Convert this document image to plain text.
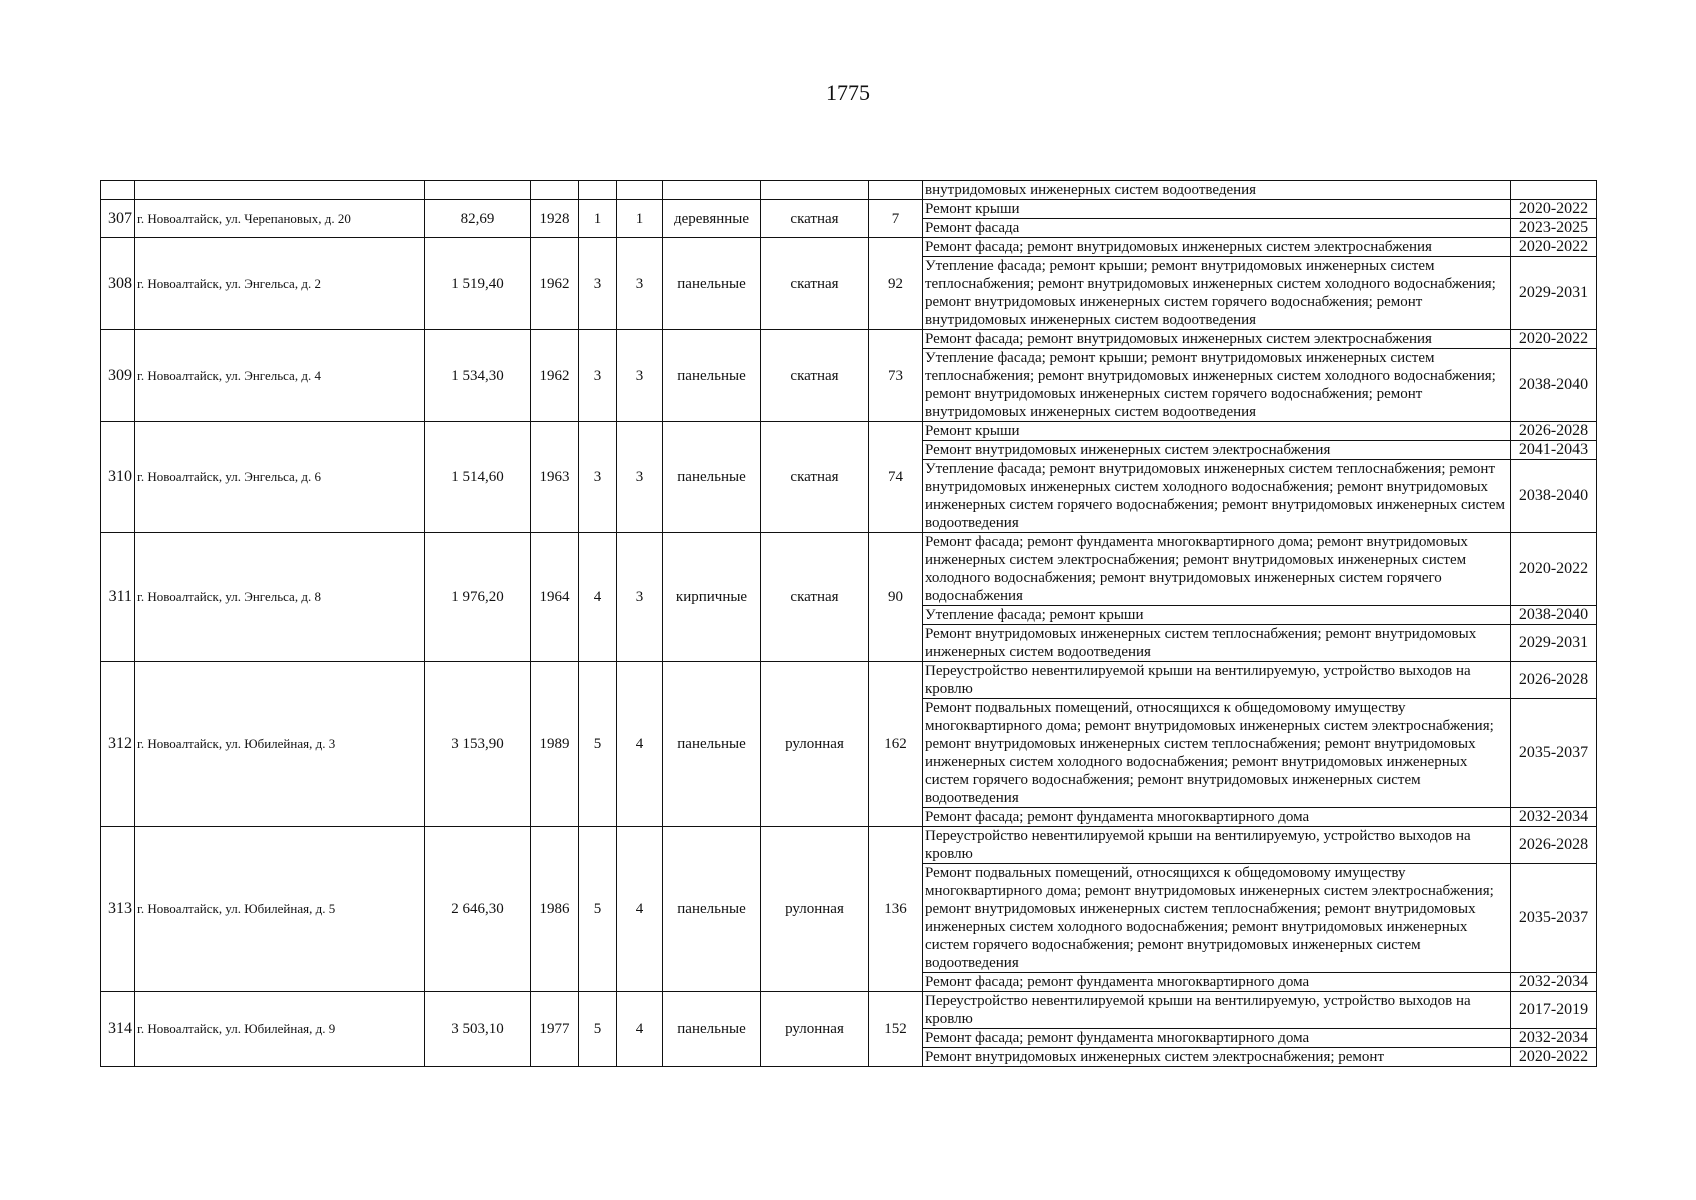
1775
									внутридомовых инженерных систем водоотведения	
307	г. Новоалтайск, ул. Черепановых, д. 20	82,69	1928	1	1	деревянные	скатная	7	Ремонт крыши	2020-2022
									Ремонт фасада	2023-2025
308	г. Новоалтайск, ул. Энгельса, д. 2	1 519,40	1962	3	3	панельные	скатная	92	Ремонт фасада; ремонт внутридомовых инженерных систем электроснабжения	2020-2022
									Утепление фасада; ремонт крыши; ремонт внутридомовых инженерных систем теплоснабжения; ремонт внутридомовых инженерных систем холодного водоснабжения; ремонт внутридомовых инженерных систем горячего водоснабжения; ремонт внутридомовых инженерных систем водоотведения	2029-2031
309	г. Новоалтайск, ул. Энгельса, д. 4	1 534,30	1962	3	3	панельные	скатная	73	Ремонт фасада; ремонт внутридомовых инженерных систем электроснабжения	2020-2022
									Утепление фасада; ремонт крыши; ремонт внутридомовых инженерных систем теплоснабжения; ремонт внутридомовых инженерных систем холодного водоснабжения; ремонт внутридомовых инженерных систем горячего водоснабжения; ремонт внутридомовых инженерных систем водоотведения	2038-2040
310	г. Новоалтайск, ул. Энгельса, д. 6	1 514,60	1963	3	3	панельные	скатная	74	Ремонт крыши	2026-2028
									Ремонт внутридомовых инженерных систем электроснабжения	2041-2043
									Утепление фасада; ремонт внутридомовых инженерных систем теплоснабжения; ремонт внутридомовых инженерных систем холодного водоснабжения; ремонт внутридомовых инженерных систем горячего водоснабжения; ремонт внутридомовых инженерных систем водоотведения	2038-2040
311	г. Новоалтайск, ул. Энгельса, д. 8	1 976,20	1964	4	3	кирпичные	скатная	90	Ремонт фасада; ремонт фундамента многоквартирного дома; ремонт внутридомовых инженерных систем электроснабжения; ремонт внутридомовых инженерных систем холодного водоснабжения; ремонт внутридомовых инженерных систем горячего водоснабжения	2020-2022
									Утепление фасада; ремонт крыши	2038-2040
									Ремонт внутридомовых инженерных систем теплоснабжения; ремонт внутридомовых инженерных систем водоотведения	2029-2031
312	г. Новоалтайск, ул. Юбилейная, д. 3	3 153,90	1989	5	4	панельные	рулонная	162	Переустройство невентилируемой крыши на вентилируемую, устройство выходов на кровлю	2026-2028
									Ремонт подвальных помещений, относящихся к общедомовому имуществу многоквартирного дома; ремонт внутридомовых инженерных систем электроснабжения; ремонт внутридомовых инженерных систем теплоснабжения; ремонт внутридомовых инженерных систем холодного водоснабжения; ремонт внутридомовых инженерных систем горячего водоснабжения; ремонт внутридомовых инженерных систем водоотведения	2035-2037
									Ремонт фасада; ремонт фундамента многоквартирного дома	2032-2034
313	г. Новоалтайск, ул. Юбилейная, д. 5	2 646,30	1986	5	4	панельные	рулонная	136	Переустройство невентилируемой крыши на вентилируемую, устройство выходов на кровлю	2026-2028
									Ремонт подвальных помещений, относящихся к общедомовому имуществу многоквартирного дома; ремонт внутридомовых инженерных систем электроснабжения; ремонт внутридомовых инженерных систем теплоснабжения; ремонт внутридомовых инженерных систем холодного водоснабжения; ремонт внутридомовых инженерных систем горячего водоснабжения; ремонт внутридомовых инженерных систем водоотведения	2035-2037
									Ремонт фасада; ремонт фундамента многоквартирного дома	2032-2034
314	г. Новоалтайск, ул. Юбилейная, д. 9	3 503,10	1977	5	4	панельные	рулонная	152	Переустройство невентилируемой крыши на вентилируемую, устройство выходов на кровлю	2017-2019
									Ремонт фасада; ремонт фундамента многоквартирного дома	2032-2034
									Ремонт внутридомовых инженерных систем электроснабжения; ремонт	2020-2022
